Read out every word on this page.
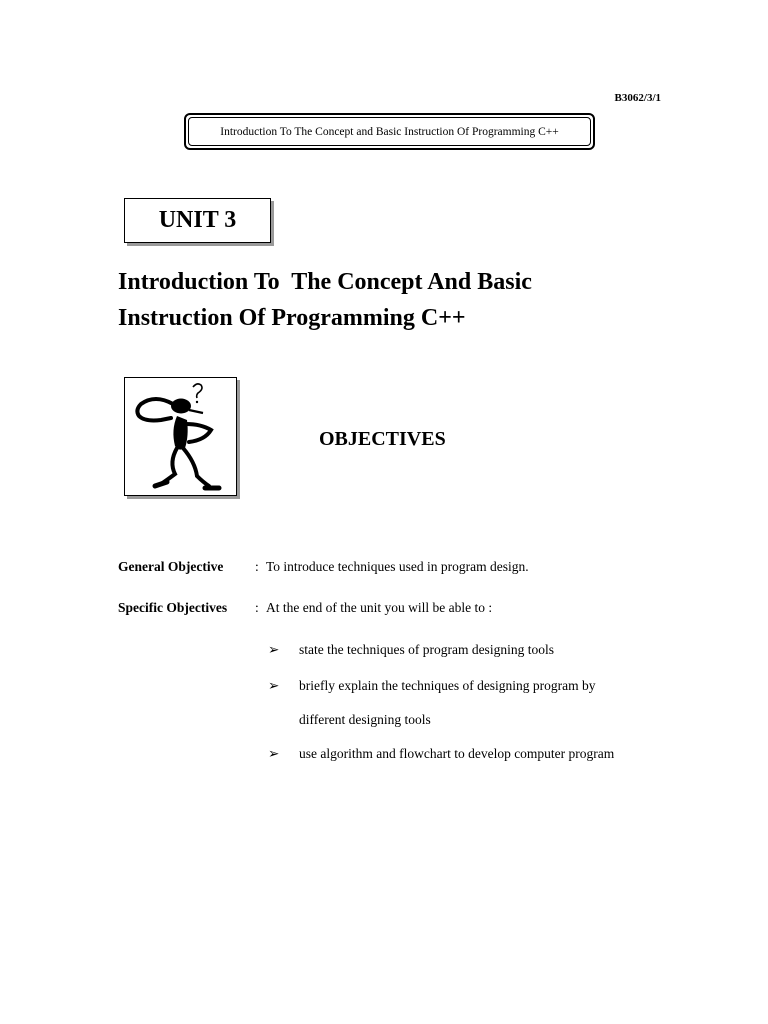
B3062/3/1
Introduction To The Concept and Basic Instruction Of Programming C++
UNIT 3
Introduction To  The Concept And Basic
Instruction Of Programming C++
OBJECTIVES
General Objective : To introduce techniques used in program design.
Specific Objectives : At the end of the unit you will be able to :
➢ state the techniques of program designing tools
➢ briefly explain the techniques of designing program by
different designing tools
➢ use algorithm and flowchart to develop computer program
